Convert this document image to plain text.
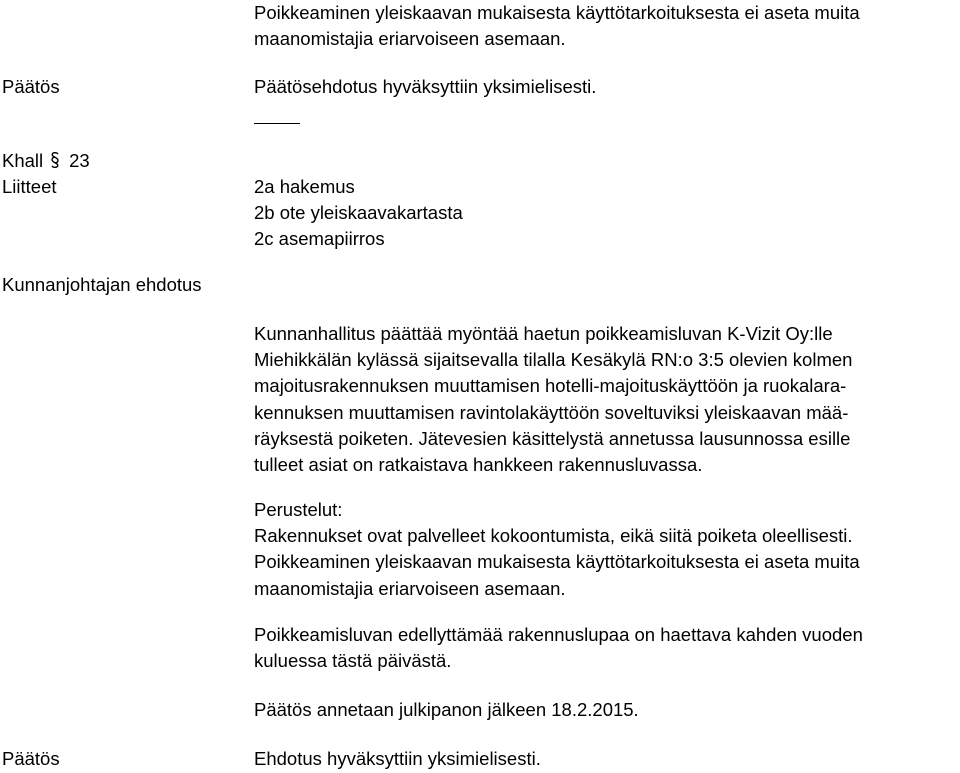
Poikkeaminen yleiskaavan mukaisesta käyttötarkoituksesta ei aseta muita
maanomistajia eriarvoiseen asemaan.
Päätös	Päätösehdotus hyväksyttiin yksimielisesti.
Khall 23
Liitteet	2a hakemus
2b ote yleiskaavakartasta
2c asemapiirros
Kunnanjohtajan ehdotus
Kunnanhallitus päättää myöntää haetun poikkeamisluvan K-Vizit Oy:lle
Miehikkälän kylässä sijaitsevalla tilalla Kesäkylä RN:o 3:5 olevien kolmen
majoitusrakennuksen muuttamisen hotelli-majoituskäyttöön ja ruokalara-
kennuksen muuttamisen ravintolakäyttöön soveltuviksi yleiskaavan mää-
räyksestä poiketen. Jätevesien käsittelystä annetussa lausunnossa esille
tulleet asiat on ratkaistava hankkeen rakennusluvassa.
Perustelut:
Rakennukset ovat palvelleet kokoontumista, eikä siitä poiketa oleellisesti.
Poikkeaminen yleiskaavan mukaisesta käyttötarkoituksesta ei aseta muita
maanomistajia eriarvoiseen asemaan.
Poikkeamisluvan edellyttämää rakennuslupaa on haettava kahden vuoden
kuluessa tästä päivästä.
Päätös annetaan julkipanon jälkeen 18.2.2015.
Päätös	Ehdotus hyväksyttiin yksimielisesti.
